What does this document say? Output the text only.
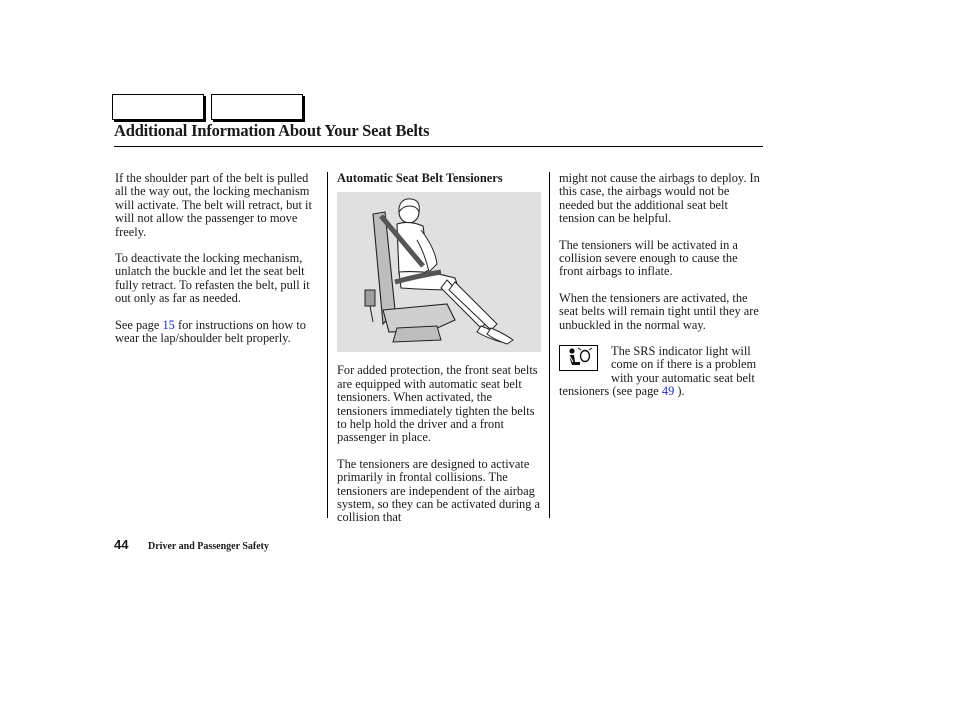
Additional Information About Your Seat Belts

If the shoulder part of the belt is pulled all the way out, the locking mechanism will activate. The belt will retract, but it will not allow the passenger to move freely.

To deactivate the locking mechanism, unlatch the buckle and let the seat belt fully retract. To refasten the belt, pull it out only as far as needed.

See page 15 for instructions on how to wear the lap/shoulder belt properly.

Automatic Seat Belt Tensioners

For added protection, the front seat belts are equipped with automatic seat belt tensioners. When activated, the tensioners immediately tighten the belts to help hold the driver and a front passenger in place.

The tensioners are designed to activate primarily in frontal collisions. The tensioners are independent of the airbag system, so they can be activated during a collision that

might not cause the airbags to deploy. In this case, the airbags would not be needed but the additional seat belt tension can be helpful.

The tensioners will be activated in a collision severe enough to cause the front airbags to inflate.

When the tensioners are activated, the seat belts will remain tight until they are unbuckled in the normal way.

The SRS indicator light will come on if there is a problem with your automatic seat belt tensioners (see page 49 ).

44 Driver and Passenger Safety
